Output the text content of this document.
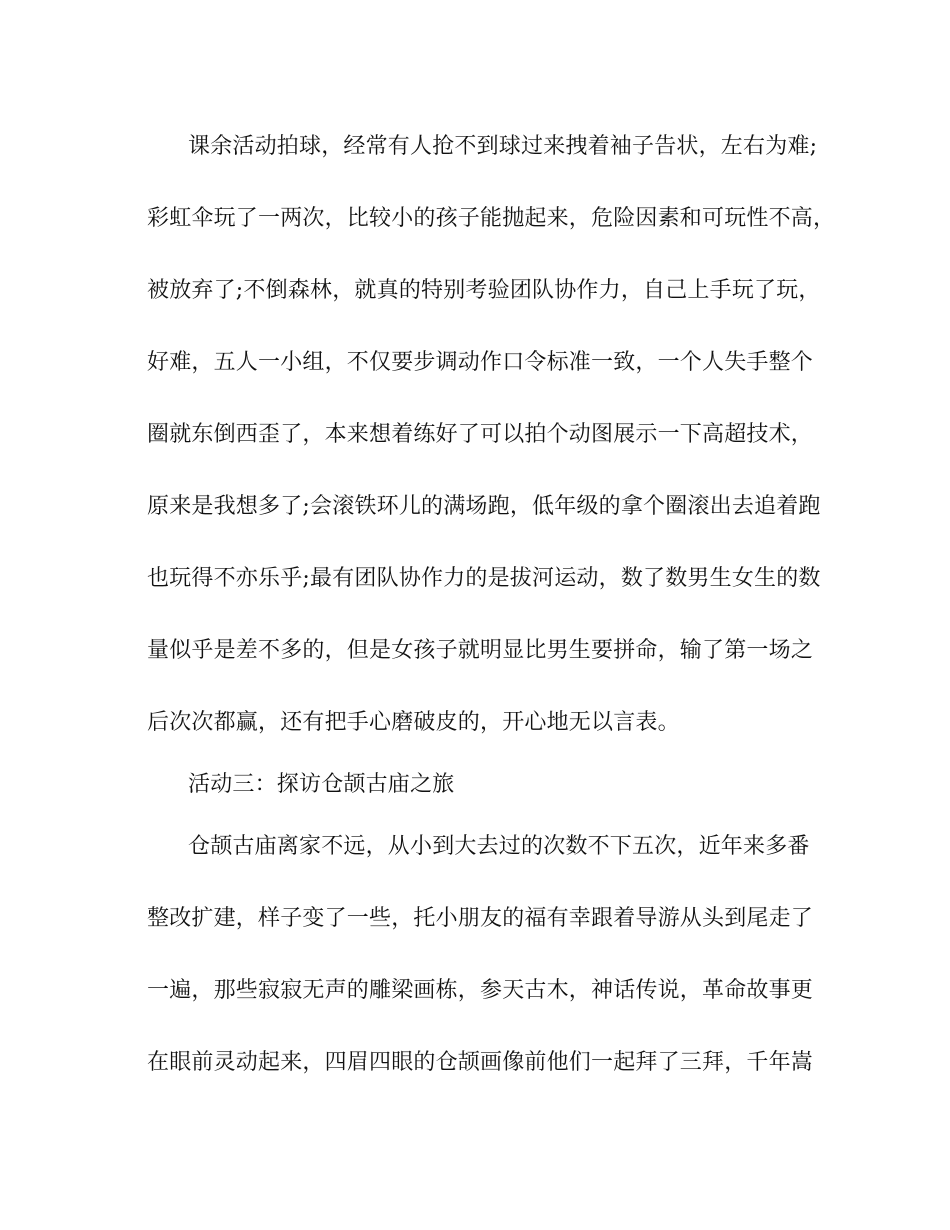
课余活动拍球，经常有人抢不到球过来拽着袖子告状，左右为难;
彩虹伞玩了一两次，比较小的孩子能抛起来，危险因素和可玩性不高，
被放弃了;不倒森林，就真的特别考验团队协作力，自己上手玩了玩，
好难，五人一小组，不仅要步调动作口令标准一致，一个人失手整个
圈就东倒西歪了，本来想着练好了可以拍个动图展示一下高超技术，
原来是我想多了;会滚铁环儿的满场跑，低年级的拿个圈滚出去追着跑
也玩得不亦乐乎;最有团队协作力的是拔河运动，数了数男生女生的数
量似乎是差不多的，但是女孩子就明显比男生要拼命，输了第一场之
后次次都赢，还有把手心磨破皮的，开心地无以言表。
活动三：探访仓颉古庙之旅
仓颉古庙离家不远，从小到大去过的次数不下五次，近年来多番
整改扩建，样子变了一些，托小朋友的福有幸跟着导游从头到尾走了
一遍，那些寂寂无声的雕梁画栋，参天古木，神话传说，革命故事更
在眼前灵动起来，四眉四眼的仓颉画像前他们一起拜了三拜，千年嵩
